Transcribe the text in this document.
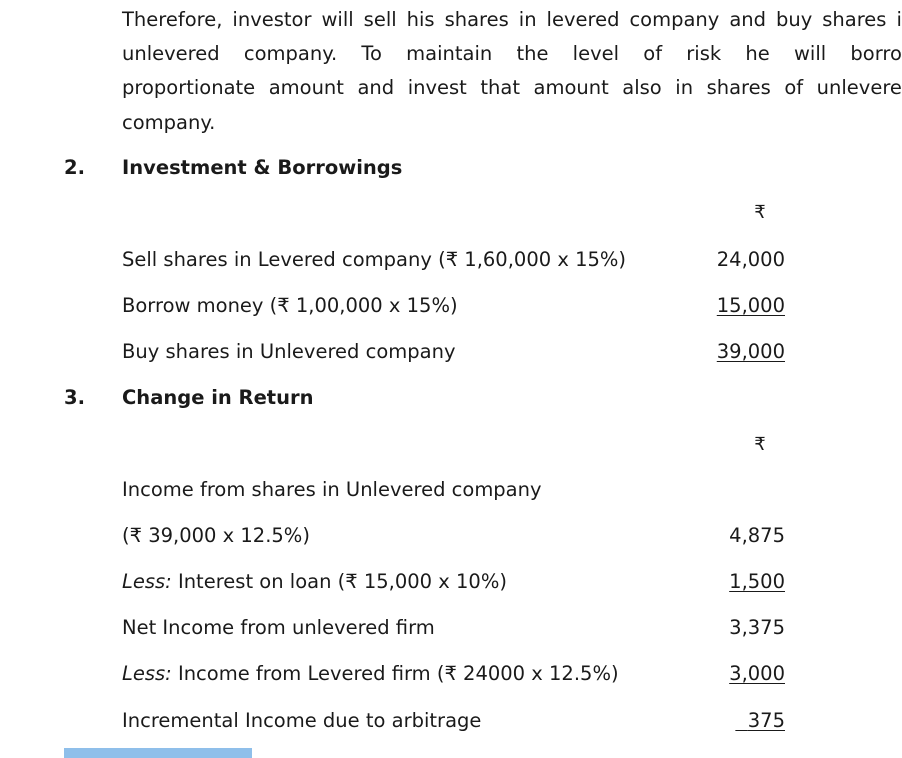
Therefore, investor will sell his shares in levered company and buy shares i
unlevered company. To maintain the level of risk he will borro
proportionate amount and invest that amount also in shares of unlevere
company.
2. Investment & Borrowings
₹
Sell shares in Levered company (₹ 1,60,000 x 15%)	24,000
Borrow money (₹ 1,00,000 x 15%)	15,000
Buy shares in Unlevered company	39,000
3. Change in Return
₹
Income from shares in Unlevered company
(₹ 39,000 x 12.5%)	4,875
Less: Interest on loan (₹ 15,000 x 10%)	1,500
Net Income from unlevered firm	3,375
Less: Income from Levered firm (₹ 24000 x 12.5%)	3,000
Incremental Income due to arbitrage	375
